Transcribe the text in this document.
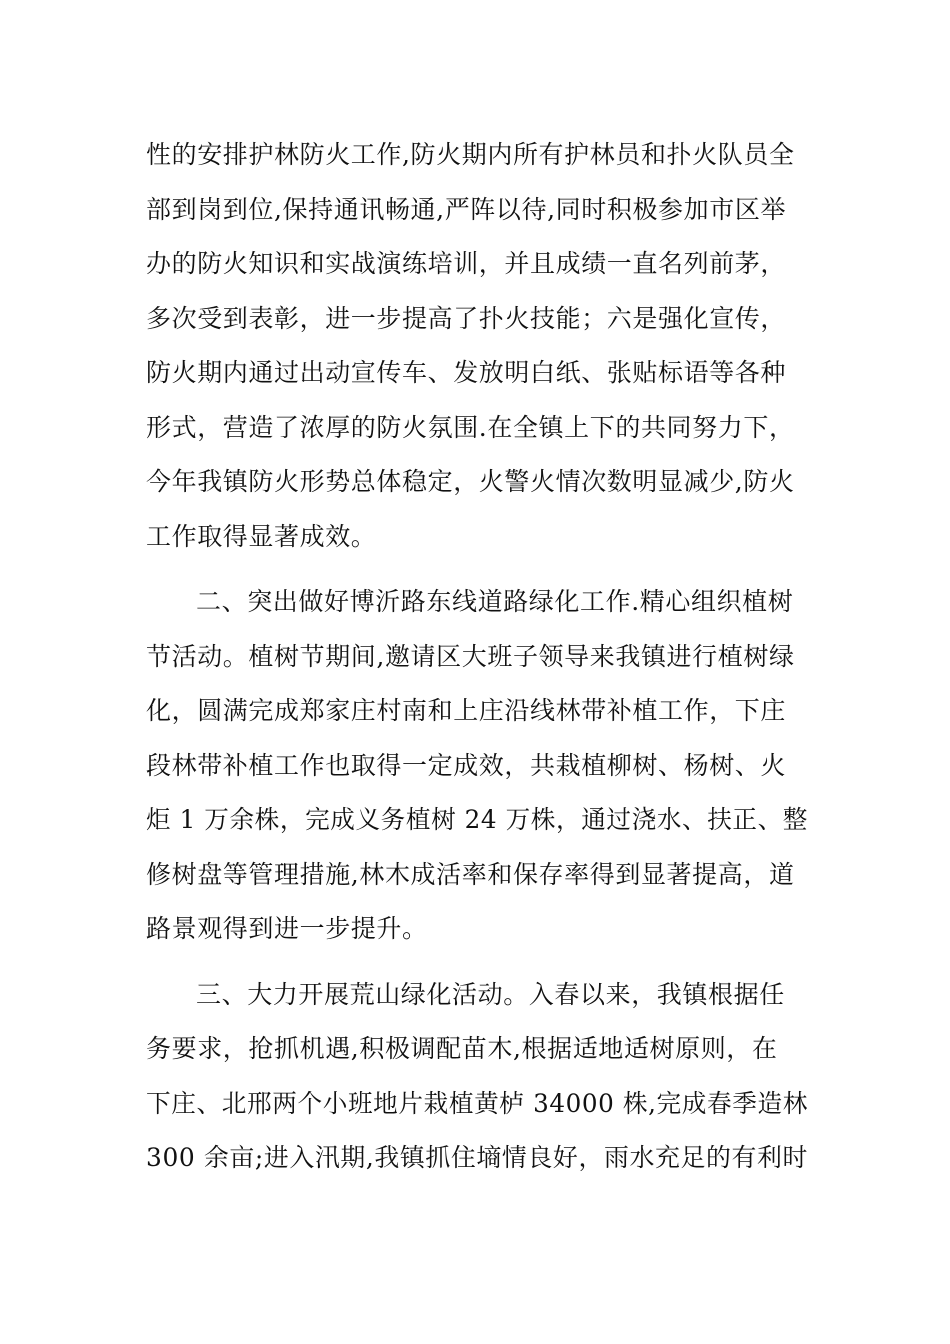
性的安排护林防火工作,防火期内所有护林员和扑火队员全
部到岗到位,保持通讯畅通,严阵以待,同时积极参加市区举
办的防火知识和实战演练培训，并且成绩一直名列前茅，
多次受到表彰，进一步提高了扑火技能；六是强化宣传，
防火期内通过出动宣传车、发放明白纸、张贴标语等各种
形式，营造了浓厚的防火氛围.在全镇上下的共同努力下，
今年我镇防火形势总体稳定，火警火情次数明显减少,防火
工作取得显著成效。
二、突出做好博沂路东线道路绿化工作.精心组织植树
节活动。植树节期间,邀请区大班子领导来我镇进行植树绿
化，圆满完成郑家庄村南和上庄沿线林带补植工作，下庄
段林带补植工作也取得一定成效，共栽植柳树、杨树、火
炬 1 万余株，完成义务植树 24 万株，通过浇水、扶正、整
修树盘等管理措施,林木成活率和保存率得到显著提高，道
路景观得到进一步提升。
三、大力开展荒山绿化活动。入春以来，我镇根据任
务要求，抢抓机遇,积极调配苗木,根据适地适树原则，在
下庄、北邢两个小班地片栽植黄栌 34000 株,完成春季造林
300 余亩;进入汛期,我镇抓住墒情良好，雨水充足的有利时
